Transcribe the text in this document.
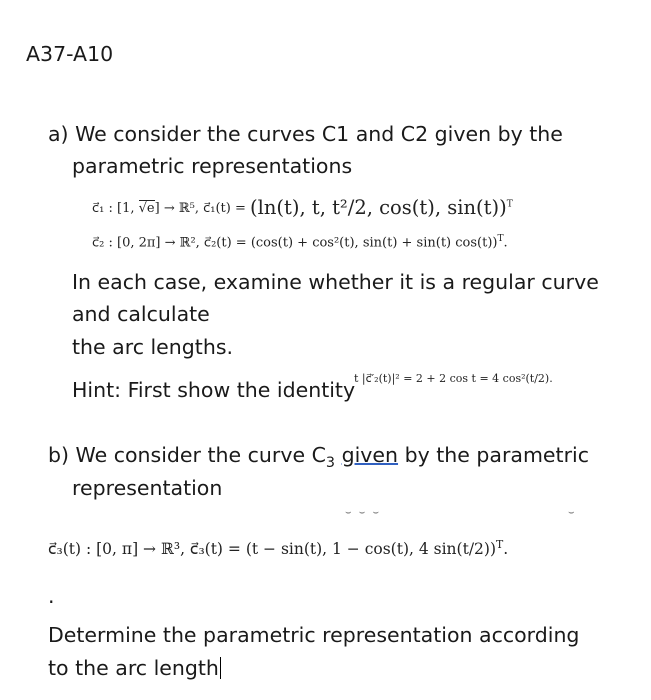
A37-A10
a) We consider the curves C1 and C2 given by the
parametric representations
c⃗₁ : [1, √e] → ℝ⁵, c⃗₁(t) = (ln(t), t, t²/2, cos(t), sin(t))$^T$
c⃗₂ : [0, 2π] → ℝ², c⃗₂(t) = (cos(t) + cos²(t), sin(t) + sin(t) cos(t))$^T$.
In each case, examine whether it is a regular curve
and calculate
the arc lengths.
Hint: First show the identity
t |c⃗′₂(t)|² = 2 + 2 cos t = 4 cos²(t/2).
b) We consider the curve $C_3$ given by the parametric
representation
⌣ ⌣ ⌣	⌣
c⃗₃(t) : [0, π] → ℝ³, c⃗₃(t) = (t − sin(t), 1 − cos(t), 4 sin(t/2))$^T$.
.
Determine the parametric representation according
to the arc length
